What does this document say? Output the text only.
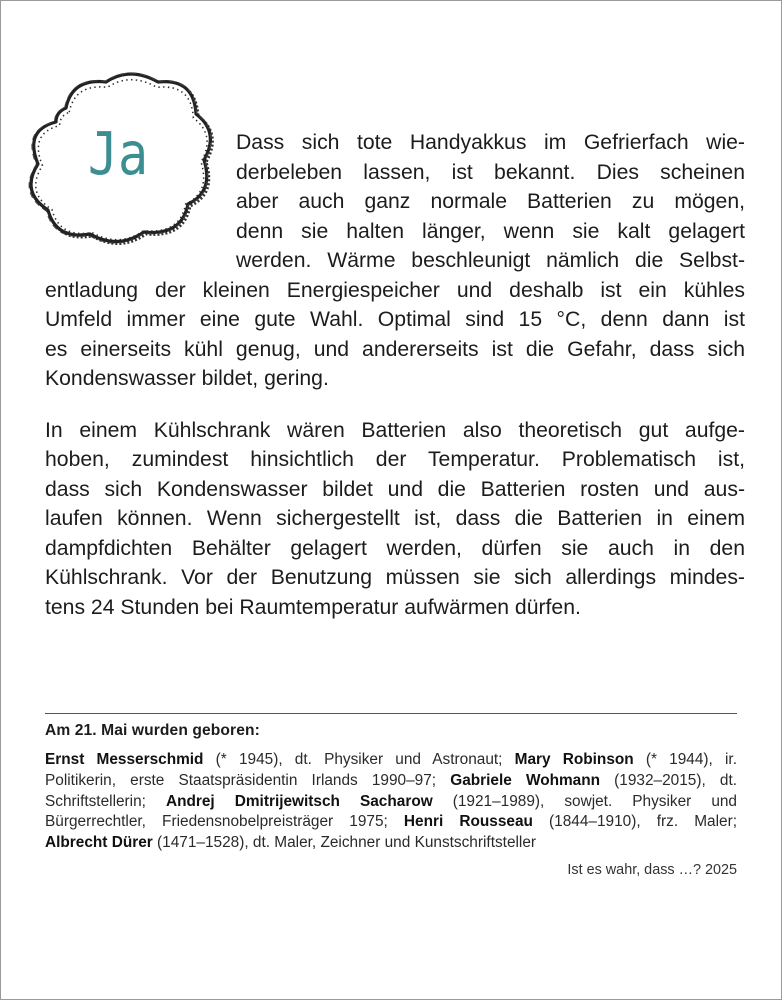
Ja	Dass sich tote Handyakkus im Gefrierfach wie-
derbeleben lassen, ist bekannt. Dies scheinen
aber auch ganz normale Batterien zu mögen,
denn sie halten länger, wenn sie kalt gelagert
werden. Wärme beschleunigt nämlich die Selbst-
entladung der kleinen Energiespeicher und deshalb ist ein kühles
Umfeld immer eine gute Wahl. Optimal sind 15 °C, denn dann ist
es einerseits kühl genug, und andererseits ist die Gefahr, dass sich
Kondenswasser bildet, gering.

In einem Kühlschrank wären Batterien also theoretisch gut aufge-
hoben, zumindest hinsichtlich der Temperatur. Problematisch ist,
dass sich Kondenswasser bildet und die Batterien rosten und aus-
laufen können. Wenn sichergestellt ist, dass die Batterien in einem
dampfdichten Behälter gelagert werden, dürfen sie auch in den
Kühlschrank. Vor der Benutzung müssen sie sich allerdings mindes-
tens 24 Stunden bei Raumtemperatur aufwärmen dürfen.

Am 21. Mai wurden geboren:
Ernst Messerschmid (* 1945), dt. Physiker und Astronaut; Mary Robinson (* 1944), ir.
Politikerin, erste Staatspräsidentin Irlands 1990–97; Gabriele Wohmann (1932–2015), dt.
Schriftstellerin; Andrej Dmitrijewitsch Sacharow (1921–1989), sowjet. Physiker und
Bürgerrechtler, Friedensnobelpreisträger 1975; Henri Rousseau (1844–1910), frz. Maler;
Albrecht Dürer (1471–1528), dt. Maler, Zeichner und Kunstschriftsteller
Ist es wahr, dass …? 2025
